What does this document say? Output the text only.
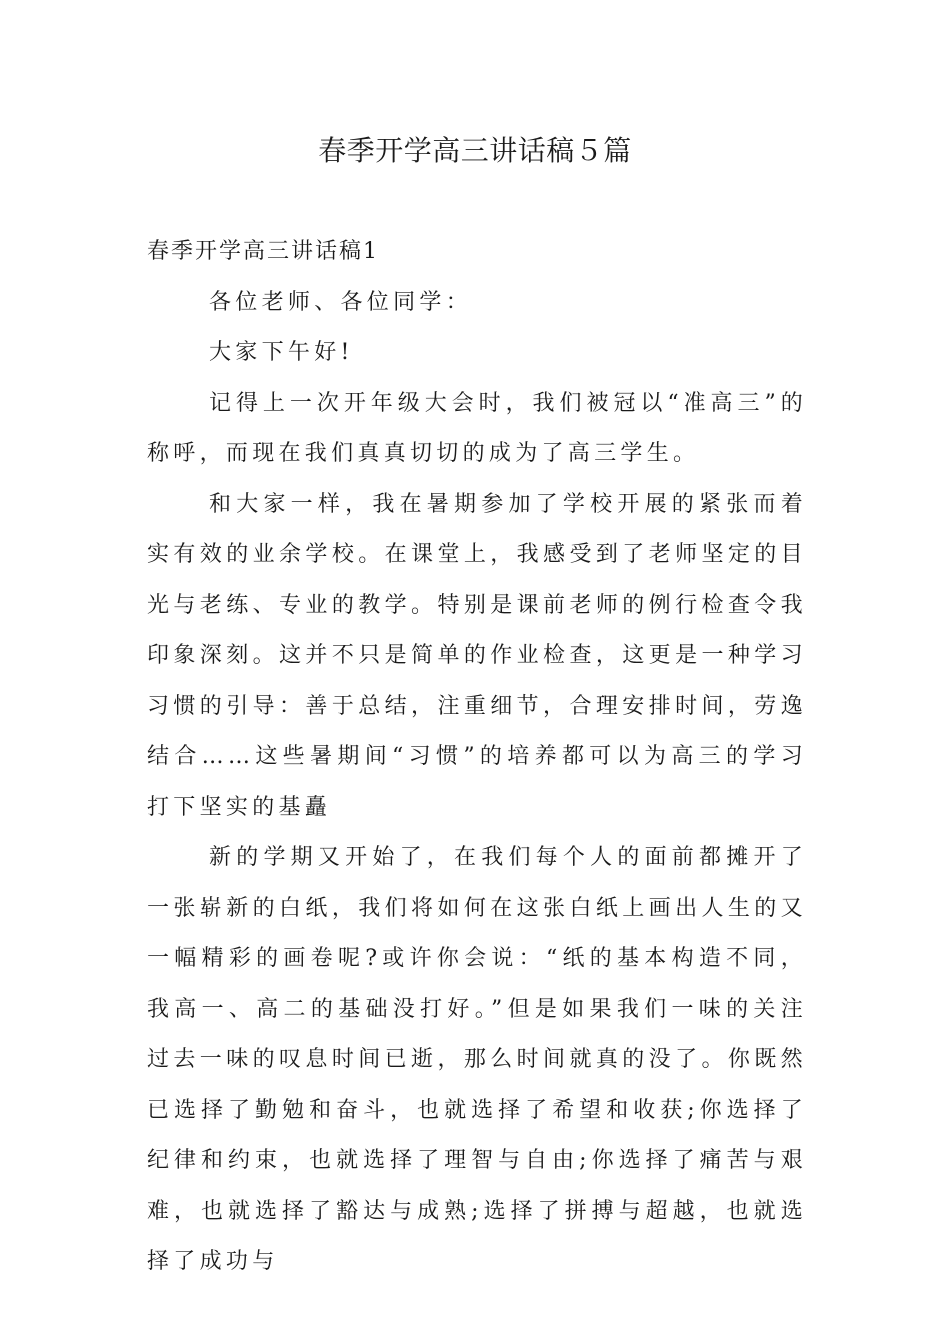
春季开学高三讲话稿５篇

春季开学高三讲话稿1

各位老师、各位同学：

大家下午好!

记得上一次开年级大会时，我们被冠以“准高三”的称呼，而现在我们真真切切的成为了高三学生。

和大家一样，我在暑期参加了学校开展的紧张而着实有效的业余学校。在课堂上，我感受到了老师坚定的目光与老练、专业的教学。特别是课前老师的例行检查令我印象深刻。这并不只是简单的作业检查，这更是一种学习习惯的引导：善于总结，注重细节，合理安排时间，劳逸结合……这些暑期间“习惯”的培养都可以为高三的学习打下坚实的基矗

新的学期又开始了，在我们每个人的面前都摊开了一张崭新的白纸，我们将如何在这张白纸上画出人生的又一幅精彩的画卷呢?或许你会说：“纸的基本构造不同，我高一、高二的基础没打好。”但是如果我们一味的关注过去一味的叹息时间已逝，那么时间就真的没了。你既然已选择了勤勉和奋斗，也就选择了希望和收获;你选择了纪律和约束，也就选择了理智与自由;你选择了痛苦与艰难，也就选择了豁达与成熟;选择了拼搏与超越，也就选择了成功与
